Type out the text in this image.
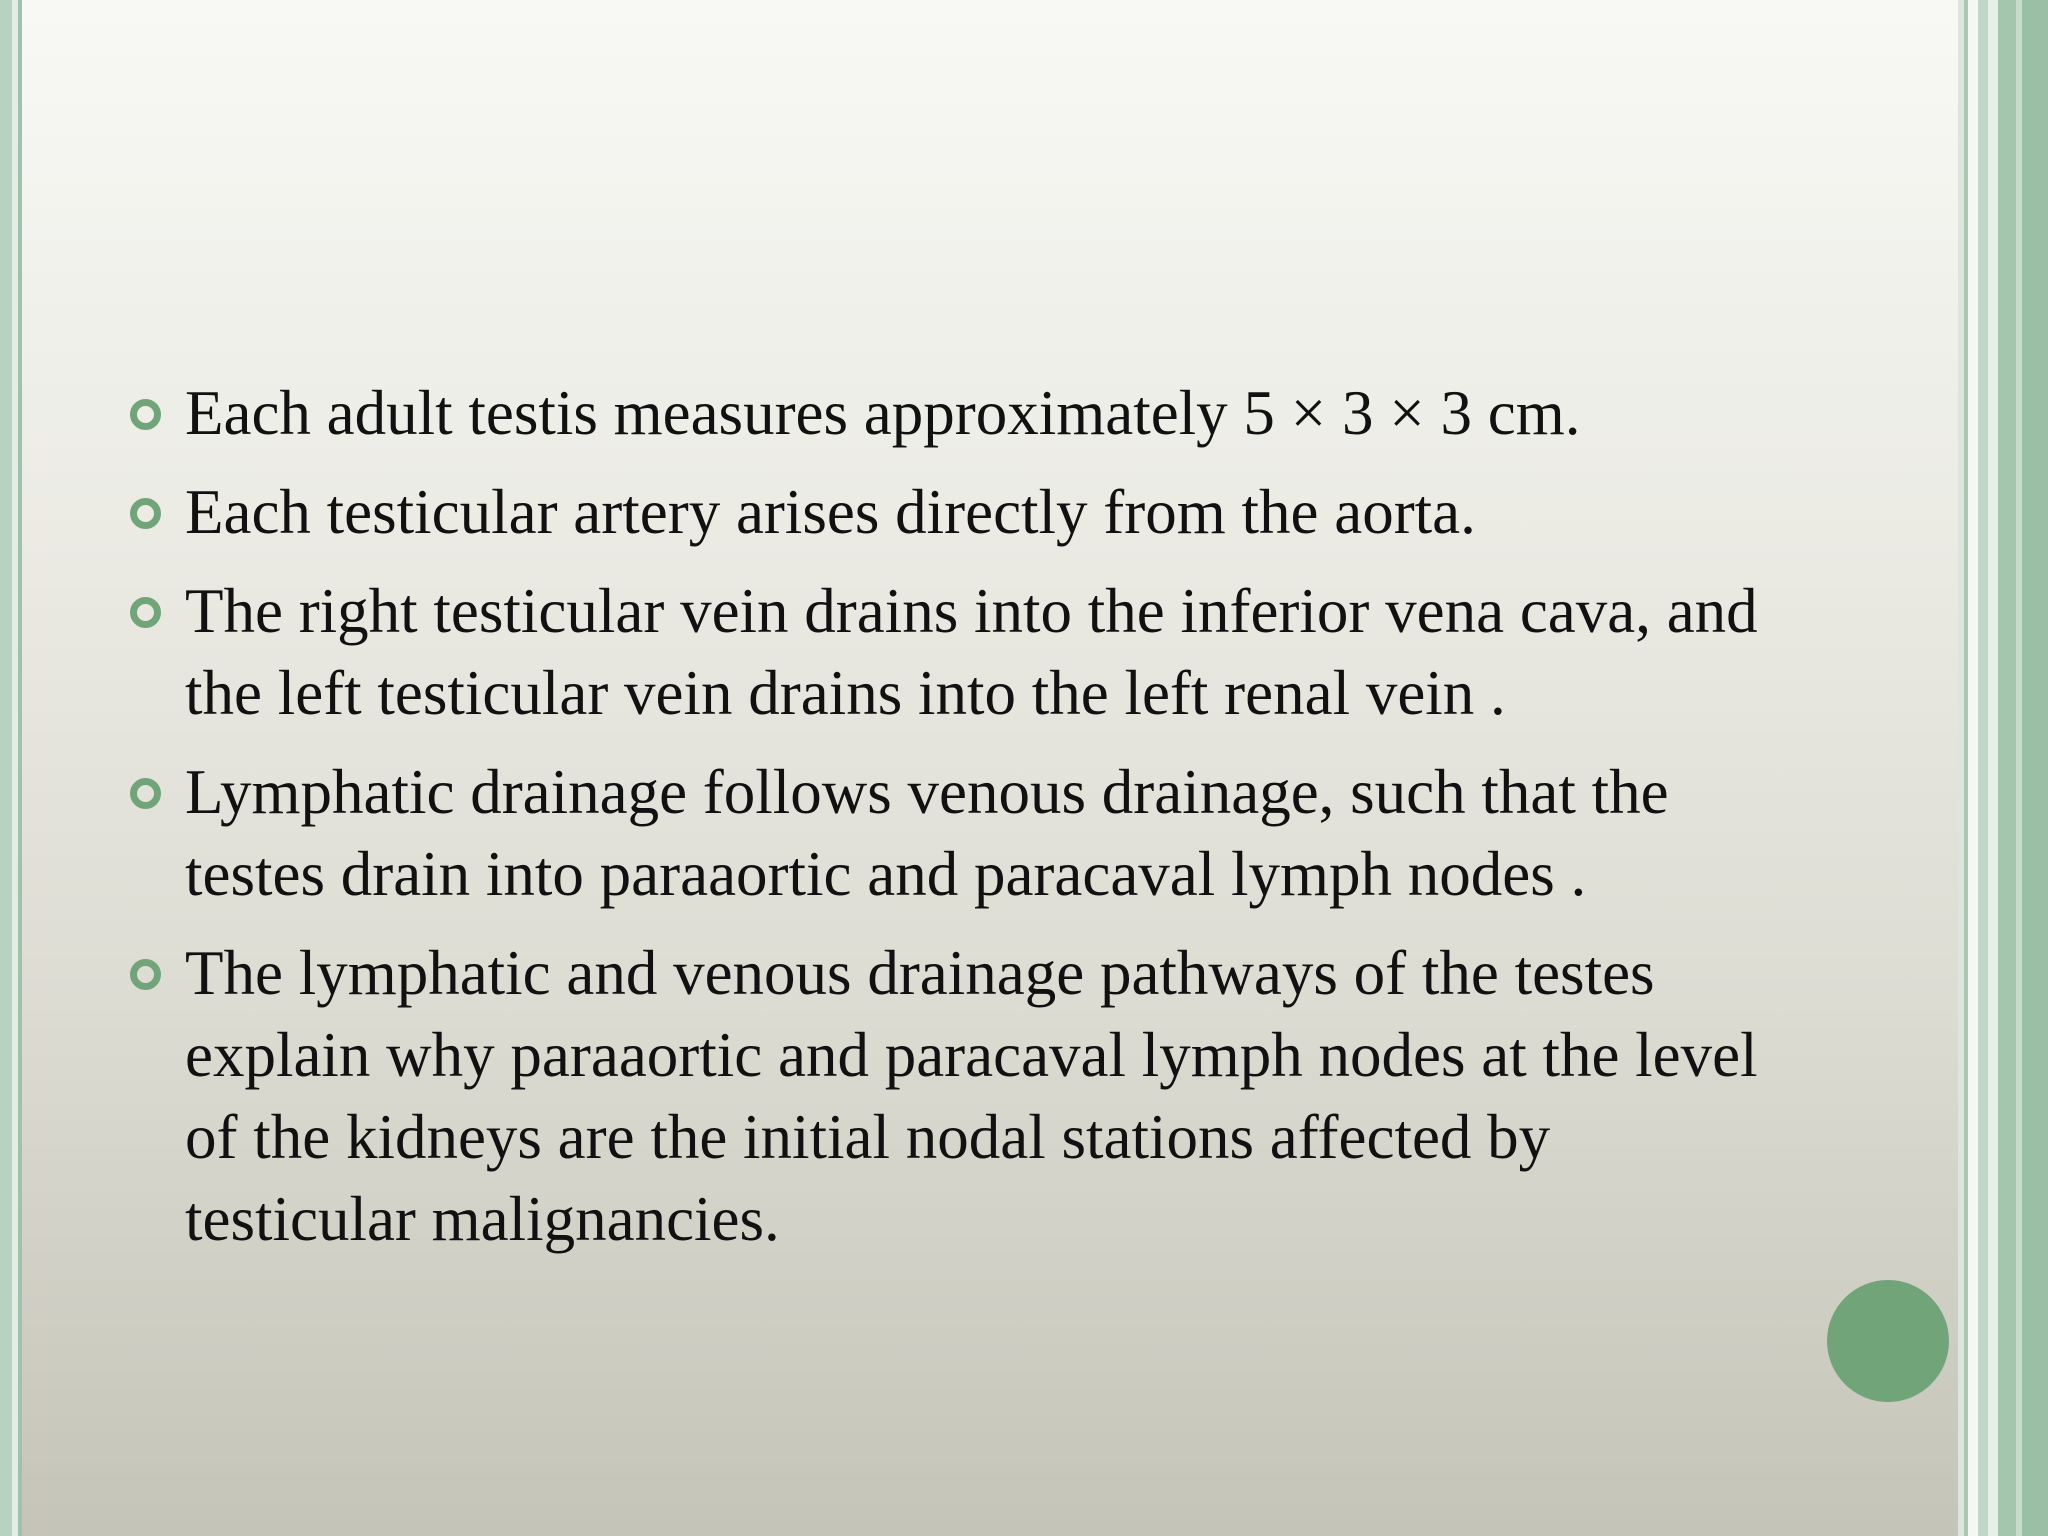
Each adult testis measures approximately 5 × 3 × 3 cm.
Each testicular artery arises directly from the aorta.
The right testicular vein drains into the inferior vena cava, and the left testicular vein drains into the left renal vein .
Lymphatic drainage follows venous drainage, such that the testes drain into paraaortic and paracaval lymph nodes .
The lymphatic and venous drainage pathways of the testes explain why paraaortic and paracaval lymph nodes at the level of the kidneys are the initial nodal stations affected by testicular malignancies.
